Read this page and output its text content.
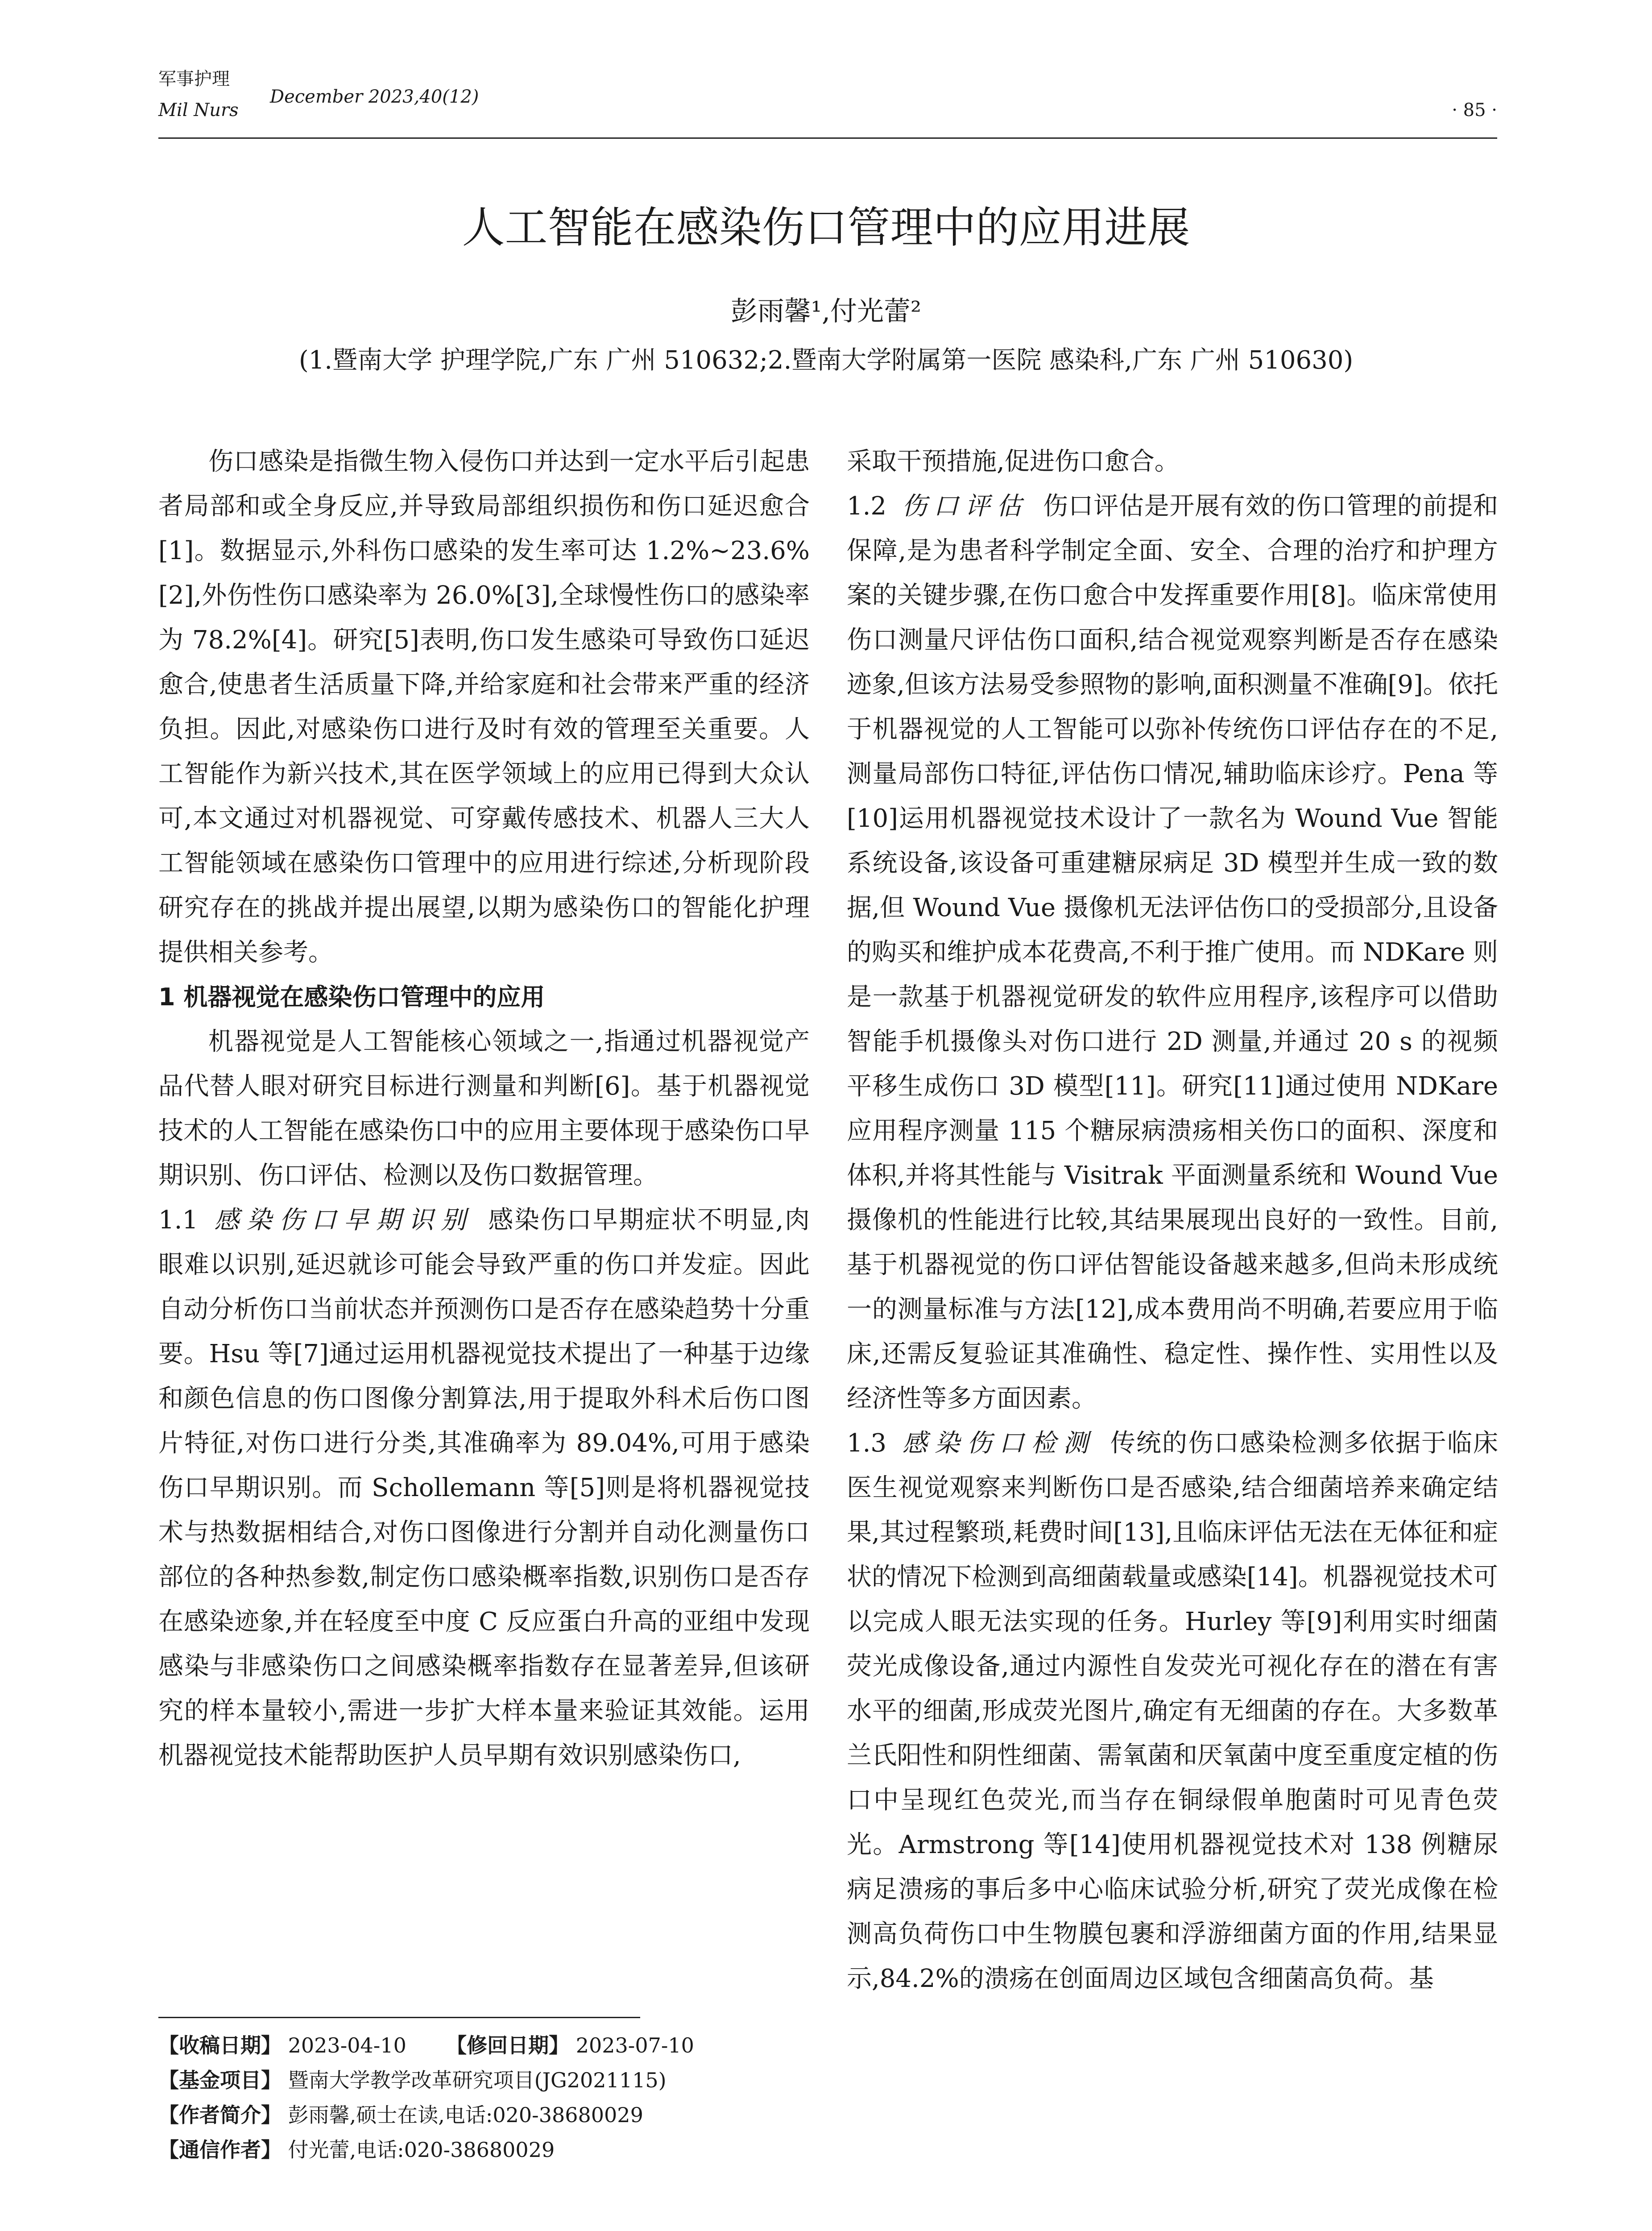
军事护理
Mil Nurs
December 2023,40(12)
· 85 ·
人工智能在感染伤口管理中的应用进展
彭雨馨¹,付光蕾²
(1.暨南大学 护理学院,广东 广州 510632;2.暨南大学附属第一医院 感染科,广东 广州 510630)

伤口感染是指微生物入侵伤口并达到一定水平后引起患者局部和或全身反应,并导致局部组织损伤和伤口延迟愈合[1]。数据显示,外科伤口感染的发生率可达 1.2%~23.6%[2],外伤性伤口感染率为 26.0%[3],全球慢性伤口的感染率为 78.2%[4]。研究[5]表明,伤口发生感染可导致伤口延迟愈合,使患者生活质量下降,并给家庭和社会带来严重的经济负担。因此,对感染伤口进行及时有效的管理至关重要。人工智能作为新兴技术,其在医学领域上的应用已得到大众认可,本文通过对机器视觉、可穿戴传感技术、机器人三大人工智能领域在感染伤口管理中的应用进行综述,分析现阶段研究存在的挑战并提出展望,以期为感染伤口的智能化护理提供相关参考。

1 机器视觉在感染伤口管理中的应用

机器视觉是人工智能核心领域之一,指通过机器视觉产品代替人眼对研究目标进行测量和判断[6]。基于机器视觉技术的人工智能在感染伤口中的应用主要体现于感染伤口早期识别、伤口评估、检测以及伤口数据管理。

1.1 感染伤口早期识别 感染伤口早期症状不明显,肉眼难以识别,延迟就诊可能会导致严重的伤口并发症。因此自动分析伤口当前状态并预测伤口是否存在感染趋势十分重要。Hsu 等[7]通过运用机器视觉技术提出了一种基于边缘和颜色信息的伤口图像分割算法,用于提取外科术后伤口图片特征,对伤口进行分类,其准确率为 89.04%,可用于感染伤口早期识别。而 Schollemann 等[5]则是将机器视觉技术与热数据相结合,对伤口图像进行分割并自动化测量伤口部位的各种热参数,制定伤口感染概率指数,识别伤口是否存在感染迹象,并在轻度至中度 C 反应蛋白升高的亚组中发现感染与非感染伤口之间感染概率指数存在显著差异,但该研究的样本量较小,需进一步扩大样本量来验证其效能。运用机器视觉技术能帮助医护人员早期有效识别感染伤口,

采取干预措施,促进伤口愈合。

1.2 伤口评估 伤口评估是开展有效的伤口管理的前提和保障,是为患者科学制定全面、安全、合理的治疗和护理方案的关键步骤,在伤口愈合中发挥重要作用[8]。临床常使用伤口测量尺评估伤口面积,结合视觉观察判断是否存在感染迹象,但该方法易受参照物的影响,面积测量不准确[9]。依托于机器视觉的人工智能可以弥补传统伤口评估存在的不足,测量局部伤口特征,评估伤口情况,辅助临床诊疗。Pena 等[10]运用机器视觉技术设计了一款名为 Wound Vue 智能系统设备,该设备可重建糖尿病足 3D 模型并生成一致的数据,但 Wound Vue 摄像机无法评估伤口的受损部分,且设备的购买和维护成本花费高,不利于推广使用。而 NDKare 则是一款基于机器视觉研发的软件应用程序,该程序可以借助智能手机摄像头对伤口进行 2D 测量,并通过 20 s 的视频平移生成伤口 3D 模型[11]。研究[11]通过使用 NDKare 应用程序测量 115 个糖尿病溃疡相关伤口的面积、深度和体积,并将其性能与 Visitrak 平面测量系统和 Wound Vue 摄像机的性能进行比较,其结果展现出良好的一致性。目前,基于机器视觉的伤口评估智能设备越来越多,但尚未形成统一的测量标准与方法[12],成本费用尚不明确,若要应用于临床,还需反复验证其准确性、稳定性、操作性、实用性以及经济性等多方面因素。

1.3 感染伤口检测 传统的伤口感染检测多依据于临床医生视觉观察来判断伤口是否感染,结合细菌培养来确定结果,其过程繁琐,耗费时间[13],且临床评估无法在无体征和症状的情况下检测到高细菌载量或感染[14]。机器视觉技术可以完成人眼无法实现的任务。Hurley 等[9]利用实时细菌荧光成像设备,通过内源性自发荧光可视化存在的潜在有害水平的细菌,形成荧光图片,确定有无细菌的存在。大多数革兰氏阳性和阴性细菌、需氧菌和厌氧菌中度至重度定植的伤口中呈现红色荧光,而当存在铜绿假单胞菌时可见青色荧光。Armstrong 等[14]使用机器视觉技术对 138 例糖尿病足溃疡的事后多中心临床试验分析,研究了荧光成像在检测高负荷伤口中生物膜包裹和浮游细菌方面的作用,结果显示,84.2%的溃疡在创面周边区域包含细菌高负荷。基

【收稿日期】 2023-04-10 【修回日期】 2023-07-10
【基金项目】 暨南大学教学改革研究项目(JG2021115)
【作者简介】 彭雨馨,硕士在读,电话:020-38680029
【通信作者】 付光蕾,电话:020-38680029
